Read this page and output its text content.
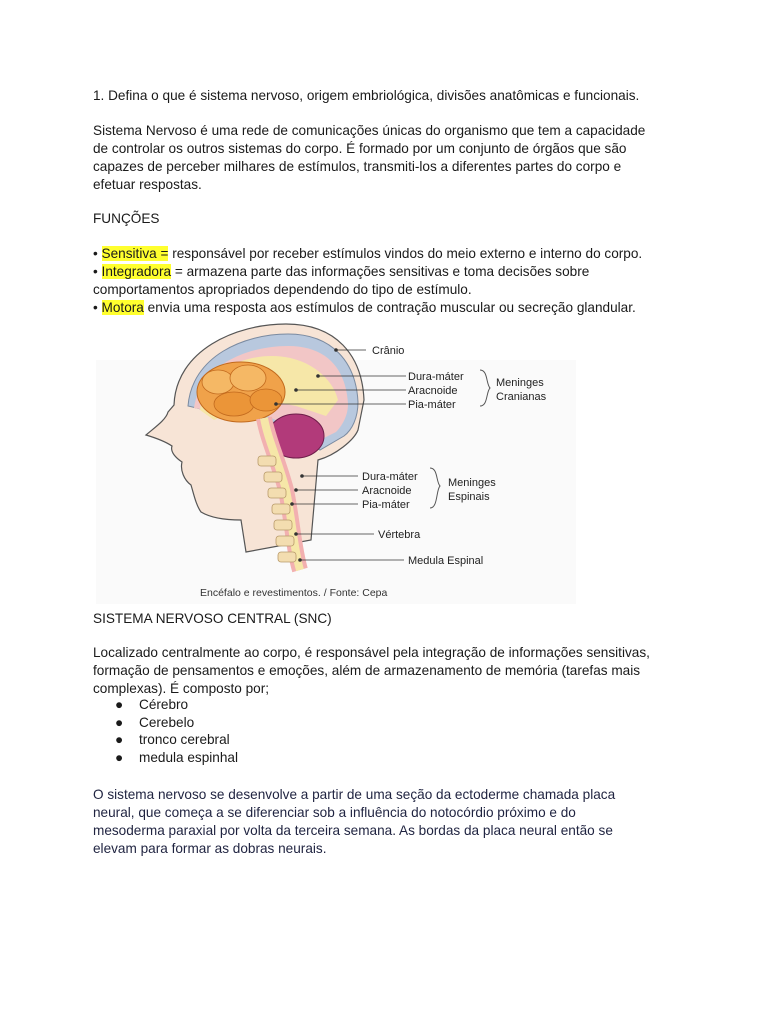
1. Defina o que é sistema nervoso, origem embriológica, divisões anatômicas e funcionais.

Sistema Nervoso é uma rede de comunicações únicas do organismo que tem a capacidade

de controlar os outros sistemas do corpo. É formado por um conjunto de órgãos que são

capazes de perceber milhares de estímulos, transmiti-los a diferentes partes do corpo e

efetuar respostas.

FUNÇÕES

• Sensitiva = responsável por receber estímulos vindos do meio externo e interno do corpo.

• Integradora = armazena parte das informações sensitivas e toma decisões sobre

comportamentos apropriados dependendo do tipo de estímulo.

• Motora envia uma resposta aos estímulos de contração muscular ou secreção glandular.

Crânio
Dura-máter
Aracnoide
Pia-máter
Meninges
Cranianas
Dura-máter
Aracnoide
Pia-máter
Meninges
Espinais
Vértebra
Medula Espinal
Encéfalo e revestimentos. / Fonte: Cepa

SISTEMA NERVOSO CENTRAL (SNC)

Localizado centralmente ao corpo, é responsável pela integração de informações sensitivas,

formação de pensamentos e emoções, além de armazenamento de memória (tarefas mais

complexas). É composto por;

● Cérebro
● Cerebelo
● tronco cerebral
● medula espinhal

O sistema nervoso se desenvolve a partir de uma seção da ectoderme chamada placa

neural, que começa a se diferenciar sob a influência do notocórdio próximo e do

mesoderma paraxial por volta da terceira semana. As bordas da placa neural então se

elevam para formar as dobras neurais.
